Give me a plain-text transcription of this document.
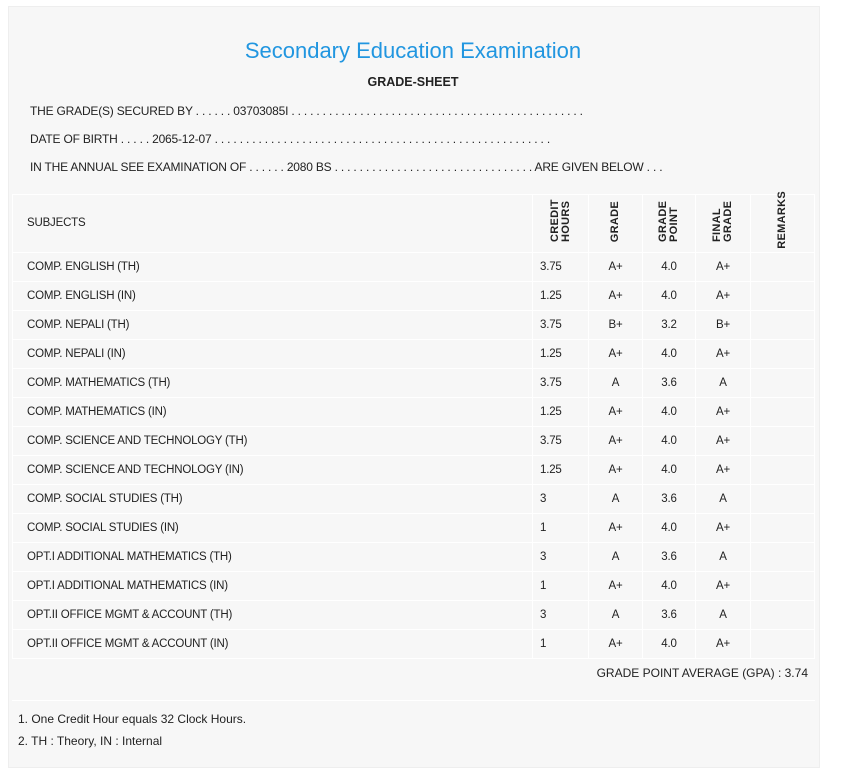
Secondary Education Examination
GRADE-SHEET
THE GRADE(S) SECURED BY . . . . . . 03703085I . . . . . . . . . . . . . . . . . . . . . . . . . . . . . . . . . . . . . . . . . . . . . . .
DATE OF BIRTH . . . . . 2065-12-07 . . . . . . . . . . . . . . . . . . . . . . . . . . . . . . . . . . . . . . . . . . . . . . . . . . . . . .
IN THE ANNUAL SEE EXAMINATION OF . . . . . . 2080 BS . . . . . . . . . . . . . . . . . . . . . . . . . . . . . . . . ARE GIVEN BELOW . . .
SUBJECTS	CREDIT HOURS	GRADE	GRADE POINT	FINAL GRADE	REMARKS
COMP. ENGLISH (TH)	3.75	A+	4.0	A+	
COMP. ENGLISH (IN)	1.25	A+	4.0	A+	
COMP. NEPALI (TH)	3.75	B+	3.2	B+	
COMP. NEPALI (IN)	1.25	A+	4.0	A+	
COMP. MATHEMATICS (TH)	3.75	A	3.6	A	
COMP. MATHEMATICS (IN)	1.25	A+	4.0	A+	
COMP. SCIENCE AND TECHNOLOGY (TH)	3.75	A+	4.0	A+	
COMP. SCIENCE AND TECHNOLOGY (IN)	1.25	A+	4.0	A+	
COMP. SOCIAL STUDIES (TH)	3	A	3.6	A	
COMP. SOCIAL STUDIES (IN)	1	A+	4.0	A+	
OPT.I ADDITIONAL MATHEMATICS (TH)	3	A	3.6	A	
OPT.I ADDITIONAL MATHEMATICS (IN)	1	A+	4.0	A+	
OPT.II OFFICE MGMT & ACCOUNT (TH)	3	A	3.6	A	
OPT.II OFFICE MGMT & ACCOUNT (IN)	1	A+	4.0	A+	
GRADE POINT AVERAGE (GPA) : 3.74
1. One Credit Hour equals 32 Clock Hours.
2. TH : Theory, IN : Internal
